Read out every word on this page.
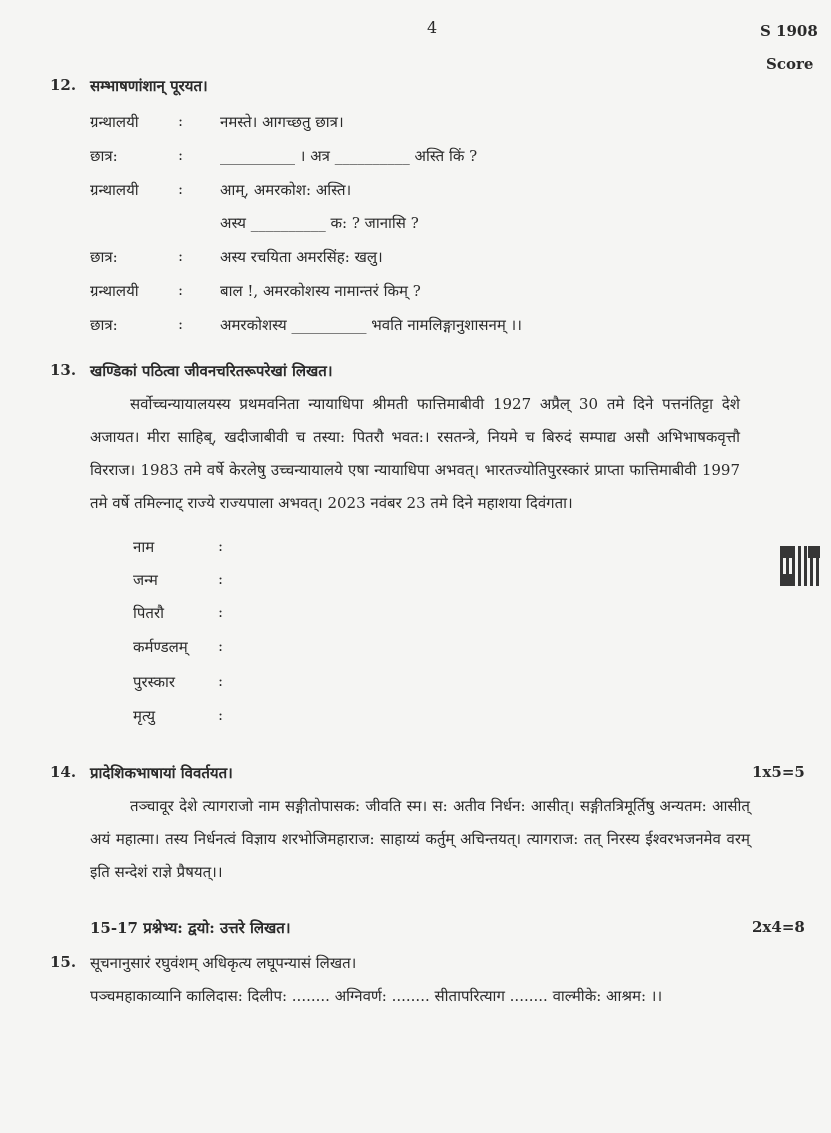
4	S 1908
Score
12. सम्भाषणांशान् पूरयत।
ग्रन्थालयी	: नमस्ते। आगच्छतु छात्र।
छात्र:	: __________ । अत्र __________ अस्ति किं ?
ग्रन्थालयी	: आम्, अमरकोश: अस्ति।
अस्य __________ क: ? जानासि ?
छात्र:	: अस्य रचयिता अमरसिंह: खलु।
ग्रन्थालयी	: बाल !, अमरकोशस्य नामान्तरं किम् ?
छात्र:	: अमरकोशस्य __________ भवति नामलिङ्गानुशासनम् ।।
13. खण्डिकां पठित्वा जीवनचरितरूपरेखां लिखत।
सर्वोच्चन्यायालयस्य प्रथमवनिता न्यायाधिपा श्रीमती फात्तिमाबीवी 1927 अप्रैल् 30 तमे दिने पत्तनंतिट्टा देशे अजायत। मीरा साहिब्, खदीजाबीवी च तस्या: पितरौ भवत:। रसतन्त्रे, नियमे च बिरुदं सम्पाद्य असौ अभिभाषकवृत्तौ विरराज। 1983 तमे वर्षे केरलेषु उच्चन्यायालये एषा न्यायाधिपा अभवत्। भारतज्योतिपुरस्कारं प्राप्ता फात्तिमाबीवी 1997 तमे वर्षे तमिल्नाट् राज्ये राज्यपाला अभवत्। 2023 नवंबर 23 तमे दिने महाशया दिवंगता।
नाम	:
जन्म	:
पितरौ	:
कर्मण्डलम् :
पुरस्कार	:
मृत्यु	:
14. प्रादेशिकभाषायां विवर्तयत।	1x5=5
तञ्चावूर देशे त्यागराजो नाम सङ्गीतोपासक: जीवति स्म। स: अतीव निर्धन: आसीत्। सङ्गीतत्रिमूर्तिषु अन्यतम: आसीत् अयं महात्मा। तस्य निर्धनत्वं विज्ञाय शरभोजिमहाराज: साहाय्यं कर्तुम् अचिन्तयत्। त्यागराज: तत् निरस्य ईश्वरभजनमेव वरम् इति सन्देशं राज्ञे प्रैषयत्।।
15-17 प्रश्नेभ्य: द्वयो: उत्तरे लिखत।	2x4=8
15. सूचनानुसारं रघुवंशम् अधिकृत्य लघूपन्यासं लिखत।
पञ्चमहाकाव्यानि कालिदास: दिलीप: ........ अग्निवर्ण: ........ सीतापरित्याग ........ वाल्मीके: आश्रम: ।।
